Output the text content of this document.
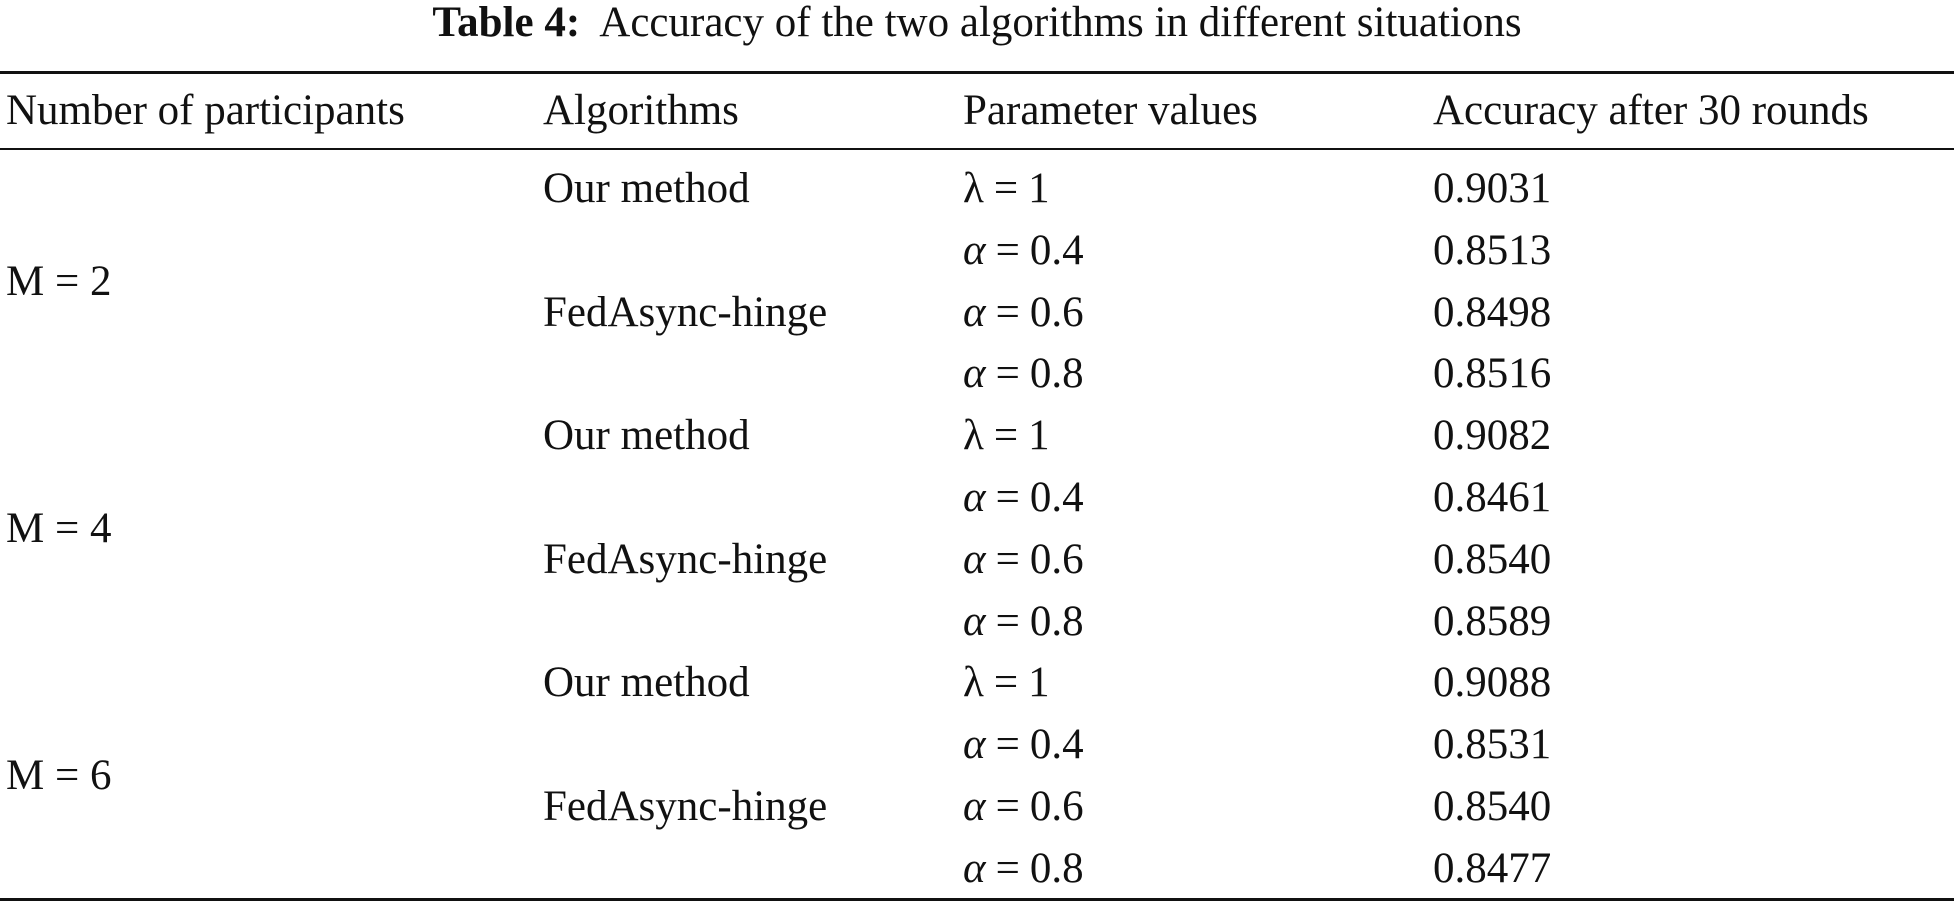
Table 4: Accuracy of the two algorithms in different situations
Number of participants	Algorithms	Parameter values	Accuracy after 30 rounds
M = 2
Our method	λ = 1	0.9031
α = 0.4	0.8513
FedAsync-hinge	α = 0.6	0.8498
α = 0.8	0.8516
M = 4
Our method	λ = 1	0.9082
α = 0.4	0.8461
FedAsync-hinge	α = 0.6	0.8540
α = 0.8	0.8589
M = 6
Our method	λ = 1	0.9088
α = 0.4	0.8531
FedAsync-hinge	α = 0.6	0.8540
α = 0.8	0.8477
